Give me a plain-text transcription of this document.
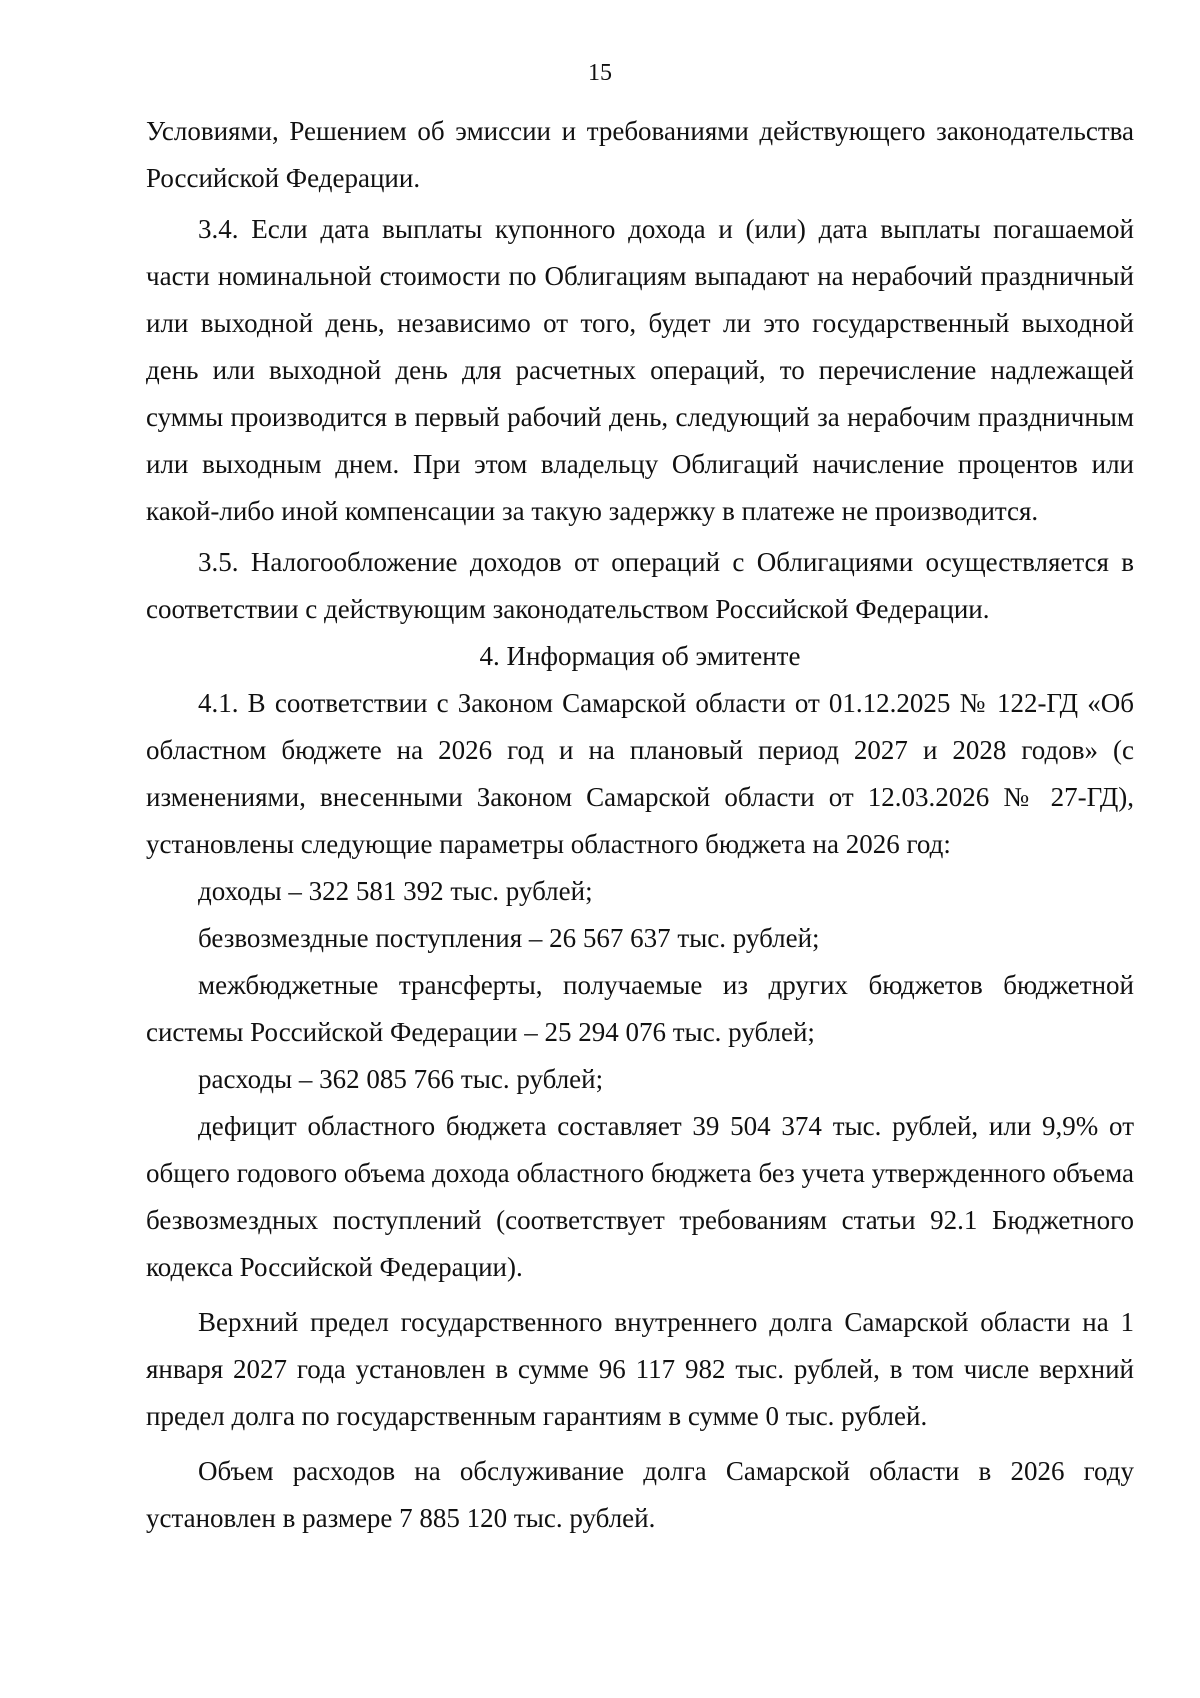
15

Условиями, Решением об эмиссии и требованиями действующего законодательства Российской Федерации.

3.4. Если дата выплаты купонного дохода и (или) дата выплаты погашаемой части номинальной стоимости по Облигациям выпадают на нерабочий праздничный или выходной день, независимо от того, будет ли это государственный выходной день или выходной день для расчетных операций, то перечисление надлежащей суммы производится в первый рабочий день, следующий за нерабочим праздничным или выходным днем. При этом владельцу Облигаций начисление процентов или какой-либо иной компенсации за такую задержку в платеже не производится.

3.5. Налогообложение доходов от операций с Облигациями осуществляется в соответствии с действующим законодательством Российской Федерации.

4. Информация об эмитенте

4.1. В соответствии с Законом Самарской области от 01.12.2025 № 122-ГД «Об областном бюджете на 2026 год и на плановый период 2027 и 2028 годов» (с изменениями, внесенными Законом Самарской области от 12.03.2026 № 27-ГД), установлены следующие параметры областного бюджета на 2026 год:

доходы – 322 581 392 тыс. рублей;

безвозмездные поступления – 26 567 637 тыс. рублей;

межбюджетные трансферты, получаемые из других бюджетов бюджетной системы Российской Федерации – 25 294 076 тыс. рублей;

расходы – 362 085 766 тыс. рублей;

дефицит областного бюджета составляет 39 504 374 тыс. рублей, или 9,9% от общего годового объема дохода областного бюджета без учета утвержденного объема безвозмездных поступлений (соответствует требованиям статьи 92.1 Бюджетного кодекса Российской Федерации).

Верхний предел государственного внутреннего долга Самарской области на 1 января 2027 года установлен в сумме 96 117 982 тыс. рублей, в том числе верхний предел долга по государственным гарантиям в сумме 0 тыс. рублей.

Объем расходов на обслуживание долга Самарской области в 2026 году установлен в размере 7 885 120 тыс. рублей.
